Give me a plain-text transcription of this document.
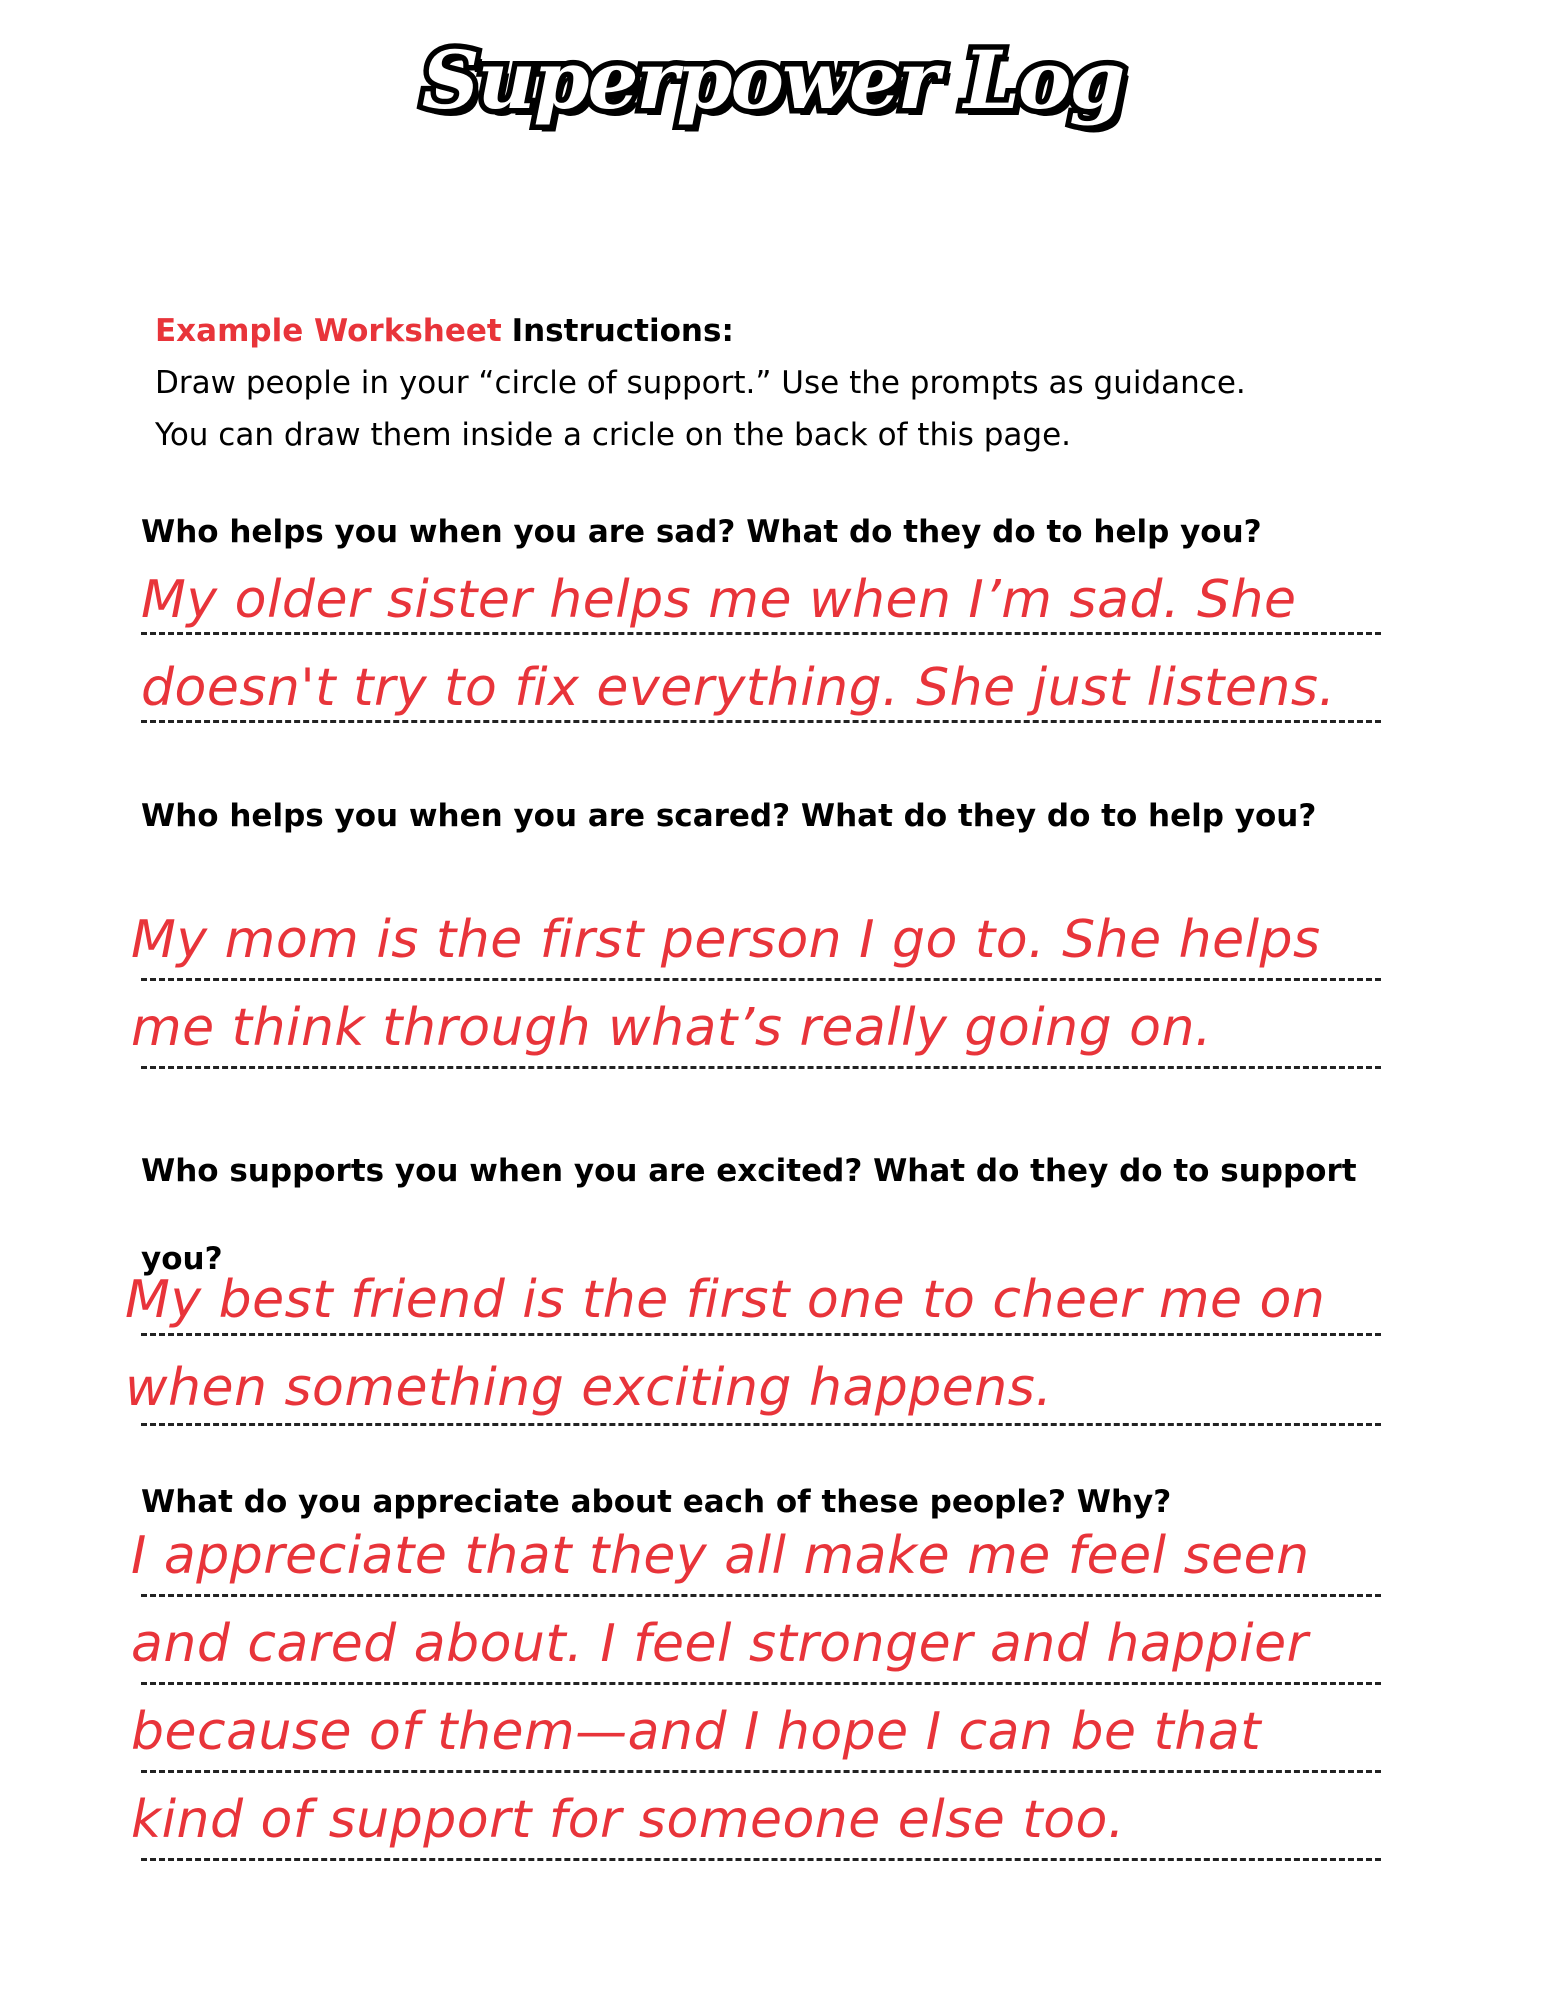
Superpower Log
Example Worksheet Instructions:
Draw people in your “circle of support.” Use the prompts as guidance.
You can draw them inside a cricle on the back of this page.
Who helps you when you are sad? What do they do to help you?
My older sister helps me when I’m sad. She
doesn't try to fix everything. She just listens.
Who helps you when you are scared? What do they do to help you?
My mom is the first person I go to. She helps
me think through what’s really going on.
Who supports you when you are excited? What do they do to support you?
My best friend is the first one to cheer me on
when something exciting happens.
What do you appreciate about each of these people? Why?
I appreciate that they all make me feel seen
and cared about. I feel stronger and happier
because of them—and I hope I can be that
kind of support for someone else too.
